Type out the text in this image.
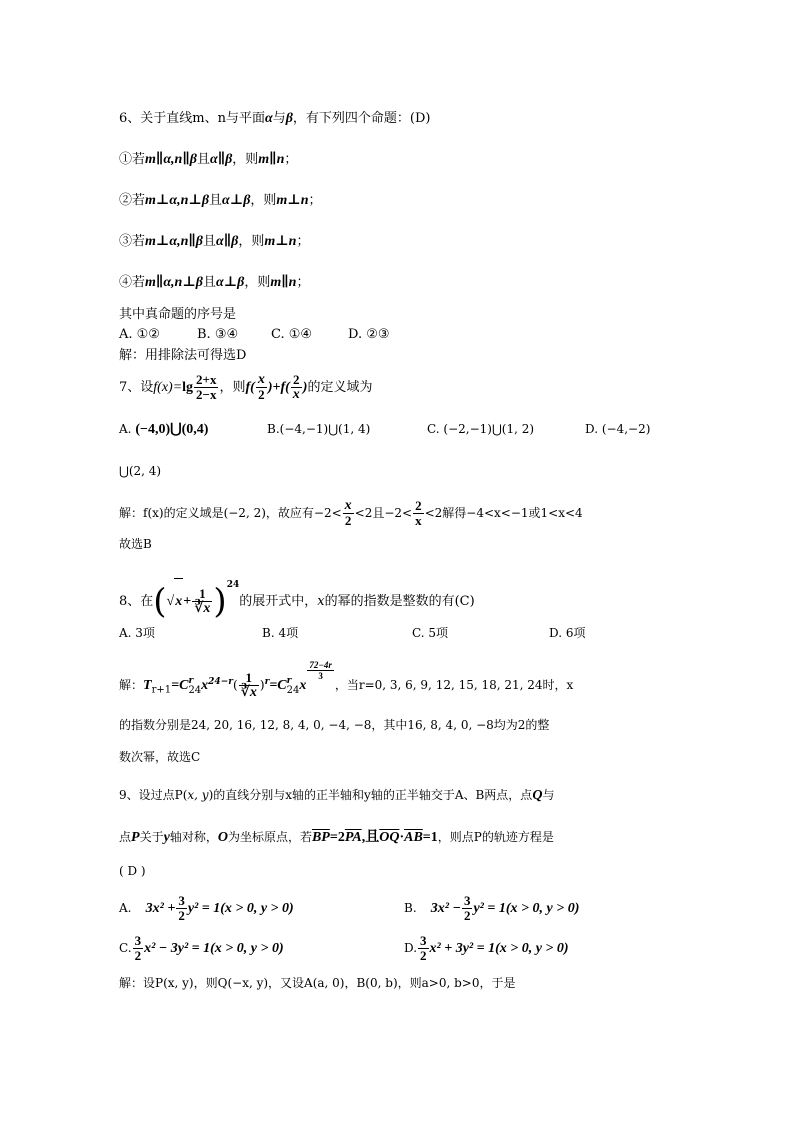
6、关于直线m、n与平面α与β，有下列四个命题：(D)
①若m∥α,n∥β且α∥β，则m∥n；
②若m⊥α,n⊥β且α⊥β，则m⊥n；
③若m⊥α,n∥β且α∥β，则m⊥n；
④若m∥α,n⊥β且α⊥β，则m∥n；
其中真命题的序号是
A. ①②	B. ③④	C. ①④	D. ②③
解：用排除法可得选D
7、设$f(x)=\lg \frac{2+x}{2-x}$ ，则$f( \frac{x}{2} )+f( \frac{2}{x}$ )的定义域为
A. (−4,0)⋃(0,4)	B.(−4,−1)⋃(1, 4)	C. (−2,−1)⋃(1, 2)	D. (−4,−2)
⋃(2, 4)
解：f(x)的定义域是(−2, 2)，故应有$-2< \frac{x}{2} <2$且$-2< \frac{2}{x} <2$解得−4<x<−1或1<x<4
故选B
8、在$(√x+ \frac{1}{∛x} )^{24}$的展开式中，x的幂的指数是整数的有(C)
A. 3项	B. 4项	C. 5项	D. 6项
解：$T_{r+1}=C$ r
24 $x^{24-r}( \frac{1}{∛x} )^r=C$ r
24 x
$\frac{72-4r}{3}$
，当r=0, 3, 6, 9, 12, 15, 18, 21, 24时，x
的指数分别是24, 20, 16, 12, 8, 4, 0, −4, −8，其中16, 8, 4, 0, −8均为2的整
数次幂，故选C
9、设过点P(x, y)的直线分别与x轴的正半轴和y轴的正半轴交于A、B两点，点Q与
点P关于y轴对称，O为坐标原点，若$\overline{BP}=2\overline{PA}$,且$\overline{OQ}\cdot\overline{AB}=1$，则点P的轨迹方程是
( D )
A. $3x^2 + \frac{3}{2} y^2 = 1(x > 0$, y > 0)	B. $3x^2 - \frac{3}{2} y^2 = 1(x > 0$, y > 0)
C. $\frac{3}{2} x^2 - 3y^2 = 1(x > 0$, y > 0)	D. $\frac{3}{2} x^2 + 3y^2 = 1(x > 0$, y > 0)
解：设P(x, y)，则Q(−x, y)，又设A(a, 0)，B(0, b)，则a>0, b>0，于是
